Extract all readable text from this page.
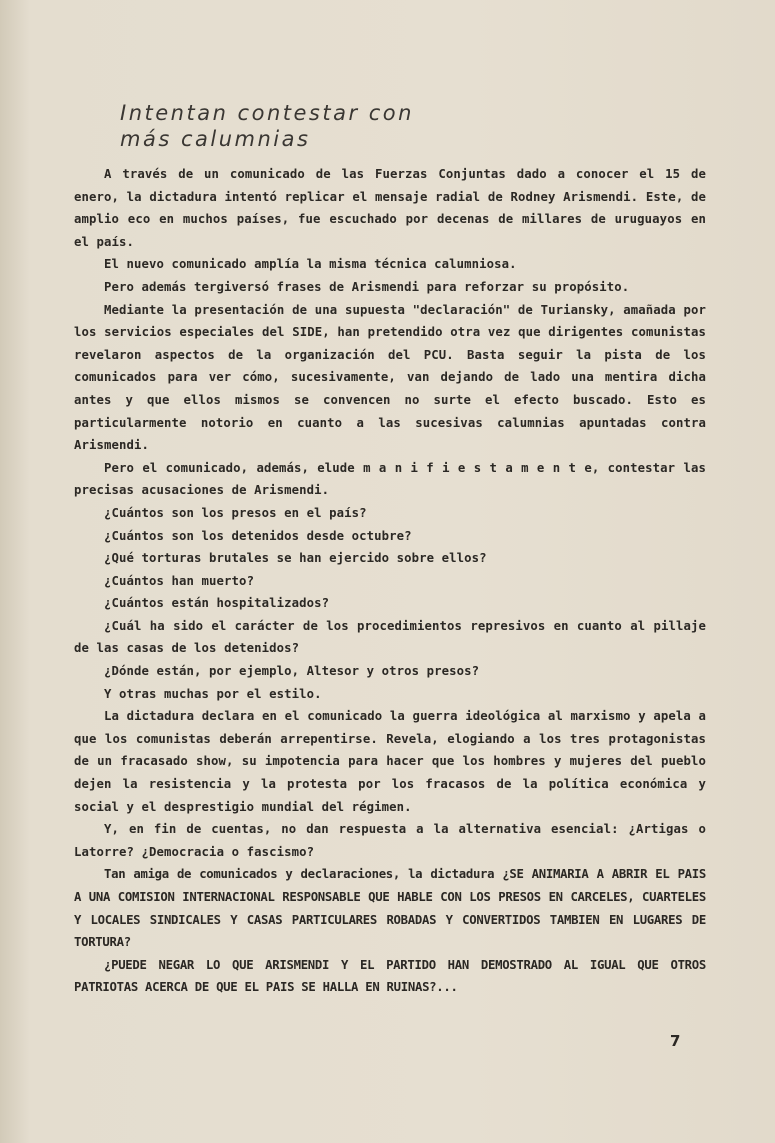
Intentan contestar con
más calumnias

A través de un comunicado de las Fuerzas Conjuntas dado a conocer el 15 de enero, la dictadura intentó replicar el mensaje radial de Rodney Arismendi. Este, de amplio eco en muchos países, fue escuchado por decenas de millares de uruguayos en el país.

El nuevo comunicado amplía la misma técnica calumniosa.

Pero además tergiversó frases de Arismendi para reforzar su propósito.

Mediante la presentación de una supuesta "declaración" de Turiansky, amañada por los servicios especiales del SIDE, han pretendido otra vez que dirigentes comunistas revelaron aspectos de la organización del PCU. Basta seguir la pista de los comunicados para ver cómo, sucesivamente, van dejando de lado una mentira dicha antes y que ellos mismos se convencen no surte el efecto buscado. Esto es particularmente notorio en cuanto a las sucesivas calumnias apuntadas contra Arismendi.

Pero el comunicado, además, elude m a n i f i e s t a m e n t e, contestar las precisas acusaciones de Arismendi.

¿Cuántos son los presos en el país?

¿Cuántos son los detenidos desde octubre?

¿Qué torturas brutales se han ejercido sobre ellos?

¿Cuántos han muerto?

¿Cuántos están hospitalizados?

¿Cuál ha sido el carácter de los procedimientos represivos en cuanto al pillaje de las casas de los detenidos?

¿Dónde están, por ejemplo, Altesor y otros presos?

Y otras muchas por el estilo.

La dictadura declara en el comunicado la guerra ideológica al marxismo y apela a que los comunistas deberán arrepentirse. Revela, elogiando a los tres protagonistas de un fracasado show, su impotencia para hacer que los hombres y mujeres del pueblo dejen la resistencia y la protesta por los fracasos de la política económica y social y el desprestigio mundial del régimen.

Y, en fin de cuentas, no dan respuesta a la alternativa esencial: ¿Artigas o Latorre? ¿Democracia o fascismo?

Tan amiga de comunicados y declaraciones, la dictadura ¿SE ANIMARIA A ABRIR EL PAIS A UNA COMISION INTERNACIONAL RESPONSABLE QUE HABLE CON LOS PRESOS EN CARCELES, CUARTELES Y LOCALES SINDICALES Y CASAS PARTICULARES ROBADAS Y CONVERTIDOS TAMBIEN EN LUGARES DE TORTURA?

¿PUEDE NEGAR LO QUE ARISMENDI Y EL PARTIDO HAN DEMOSTRADO AL IGUAL QUE OTROS PATRIOTAS ACERCA DE QUE EL PAIS SE HALLA EN RUINAS?...

7
